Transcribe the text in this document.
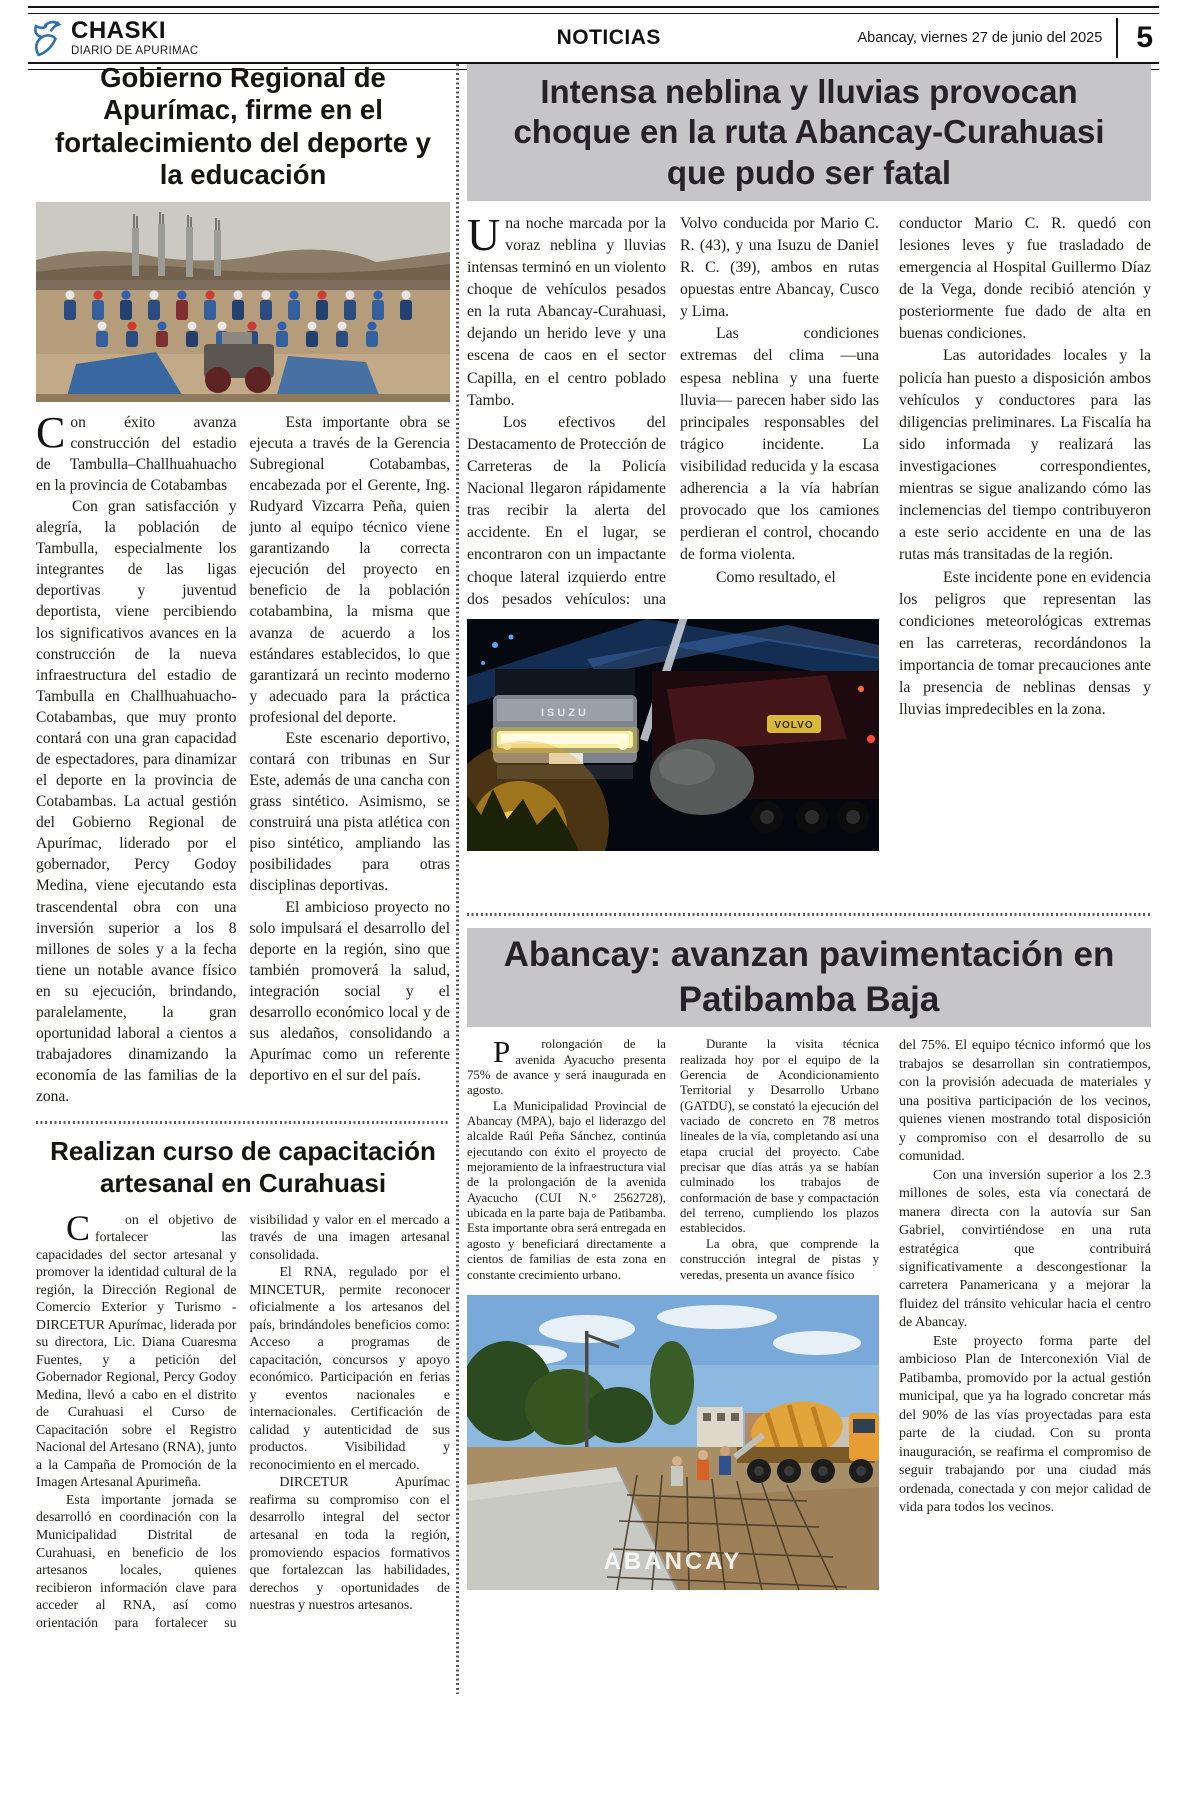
CHASKI
DIARIO DE APURIMAC
NOTICIAS	Abancay, viernes 27 de junio del 2025	5
Gobierno Regional de Apurímac, firme en el fortalecimiento del deporte y la educación

Con éxito avanza construcción del estadio de Tambulla–Challhuahuacho en la provincia de Cotabambas

Con gran satisfacción y alegría, la población de Tambulla, especialmente los integrantes de las ligas deportivas y juventud deportista, viene percibiendo los significativos avances en la construcción de la nueva infraestructura del estadio de Tambulla en Challhuahuacho-Cotabambas, que muy pronto contará con una gran capacidad de espectadores, para dinamizar el deporte en la provincia de Cotabambas. La actual gestión del Gobierno Regional de Apurímac, liderado por el gobernador, Percy Godoy Medina, viene ejecutando esta trascendental obra con una inversión superior a los 8 millones de soles y a la fecha tiene un notable avance físico en su ejecución, brindando, paralelamente, la gran oportunidad laboral a cientos a trabajadores dinamizando la economía de las familias de la zona.

Esta importante obra se ejecuta a través de la Gerencia Subregional Cotabambas, encabezada por el Gerente, Ing. Rudyard Vizcarra Peña, quien junto al equipo técnico viene garantizando la correcta ejecución del proyecto en beneficio de la población cotabambina, la misma que avanza de acuerdo a los estándares establecidos, lo que garantizará un recinto moderno y adecuado para la práctica profesional del deporte.

Este escenario deportivo, contará con tribunas en Sur Este, además de una cancha con grass sintético. Asimismo, se construirá una pista atlética con piso sintético, ampliando las posibilidades para otras disciplinas deportivas.

El ambicioso proyecto no solo impulsará el desarrollo del deporte en la región, sino que también promoverá la salud, integración social y el desarrollo económico local y de sus aledaños, consolidando a Apurímac como un referente deportivo en el sur del país.

Realizan curso de capacitación artesanal en Curahuasi

C	on el objetivo de fortalecer las capacidades del sector artesanal y promover la identidad cultural de la región, la Dirección Regional de Comercio Exterior y Turismo - DIRCETUR Apurímac, liderada por su directora, Lic. Diana Cuaresma Fuentes, y a petición del Gobernador Regional, Percy Godoy Medina, llevó a cabo en el distrito de Curahuasi el Curso de Capacitación sobre el Registro Nacional del Artesano (RNA), junto a la Campaña de Promoción de la Imagen Artesanal Apurimeña.

Esta importante jornada se desarrolló en coordinación con la Municipalidad Distrital de Curahuasi, en beneficio de los artesanos locales, quienes recibieron información clave para acceder al RNA, así como orientación para fortalecer su visibilidad y valor en el mercado a través de una imagen artesanal consolidada.

El RNA, regulado por el MINCETUR, permite reconocer oficialmente a los artesanos del país, brindándoles beneficios como: Acceso a programas de capacitación, concursos y apoyo económico. Participación en ferias y eventos nacionales e internacionales. Certificación de calidad y autenticidad de sus productos. Visibilidad y reconocimiento en el mercado.

DIRCETUR Apurímac reafirma su compromiso con el desarrollo integral del sector artesanal en toda la región, promoviendo espacios formativos que fortalezcan las habilidades, derechos y oportunidades de nuestras y nuestros artesanos.

Intensa neblina y lluvias provocan choque en la ruta Abancay-Curahuasi que pudo ser fatal

Una noche marcada por la voraz neblina y lluvias intensas terminó en un violento choque de vehículos pesados en la ruta Abancay-Curahuasi, dejando un herido leve y una escena de caos en el sector Capilla, en el centro poblado Tambo.

Los efectivos del Destacamento de Protección de Carreteras de la Policía Nacional llegaron rápidamente tras recibir la alerta del accidente. En el lugar, se encontraron con un impactante choque lateral izquierdo entre dos pesados vehículos: una Volvo conducida por Mario C. R. (43), y una Isuzu de Daniel R. C. (39), ambos en rutas opuestas entre Abancay, Cusco y Lima.

Las condiciones extremas del clima —una espesa neblina y una fuerte lluvia— parecen haber sido las principales responsables del trágico incidente. La visibilidad reducida y la escasa adherencia a la vía habrían provocado que los camiones perdieran el control, chocando de forma violenta.

Como resultado, el

ISUZU
VOLVO

conductor Mario C. R. quedó con lesiones leves y fue trasladado de emergencia al Hospital Guillermo Díaz de la Vega, donde recibió atención y posteriormente fue dado de alta en buenas condiciones.

Las autoridades locales y la policía han puesto a disposición ambos vehículos y conductores para las diligencias preliminares. La Fiscalía ha sido informada y realizará las investigaciones correspondientes, mientras se sigue analizando cómo las inclemencias del tiempo contribuyeron a este serio accidente en una de las rutas más transitadas de la región.

Este incidente pone en evidencia los peligros que representan las condiciones meteorológicas extremas en las carreteras, recordándonos la importancia de tomar precauciones ante la presencia de neblinas densas y lluvias impredecibles en la zona.

Abancay: avanzan pavimentación en Patibamba Baja

P	rolongación de la avenida Ayacucho presenta 75% de avance y será inaugurada en agosto.

La Municipalidad Provincial de Abancay (MPA), bajo el liderazgo del alcalde Raúl Peña Sánchez, continúa ejecutando con éxito el proyecto de mejoramiento de la infraestructura vial de la prolongación de la avenida Ayacucho (CUI N.° 2562728), ubicada en la parte baja de Patibamba. Esta importante obra será entregada en agosto y beneficiará directamente a cientos de familias de esta zona en constante crecimiento urbano.

Durante la visita técnica realizada hoy por el equipo de la Gerencia de Acondicionamiento Territorial y Desarrollo Urbano (GATDU), se constató la ejecución del vaciado de concreto en 78 metros lineales de la vía, completando así una etapa crucial del proyecto. Cabe precisar que días atrás ya se habían culminado los trabajos de conformación de base y compactación del terreno, cumpliendo los plazos establecidos.

La obra, que comprende la construcción integral de pistas y veredas, presenta un avance físico

ABANCAY

del 75%. El equipo técnico informó que los trabajos se desarrollan sin contratiempos, con la provisión adecuada de materiales y una positiva participación de los vecinos, quienes vienen mostrando total disposición y compromiso con el desarrollo de su comunidad.

Con una inversión superior a los 2.3 millones de soles, esta vía conectará de manera directa con la autovía sur San Gabriel, convirtiéndose en una ruta estratégica que contribuirá significativamente a descongestionar la carretera Panamericana y a mejorar la fluidez del tránsito vehicular hacia el centro de Abancay.

Este proyecto forma parte del ambicioso Plan de Interconexión Vial de Patibamba, promovido por la actual gestión municipal, que ya ha logrado concretar más del 90% de las vías proyectadas para esta parte de la ciudad. Con su pronta inauguración, se reafirma el compromiso de seguir trabajando por una ciudad más ordenada, conectada y con mejor calidad de vida para todos los vecinos.
